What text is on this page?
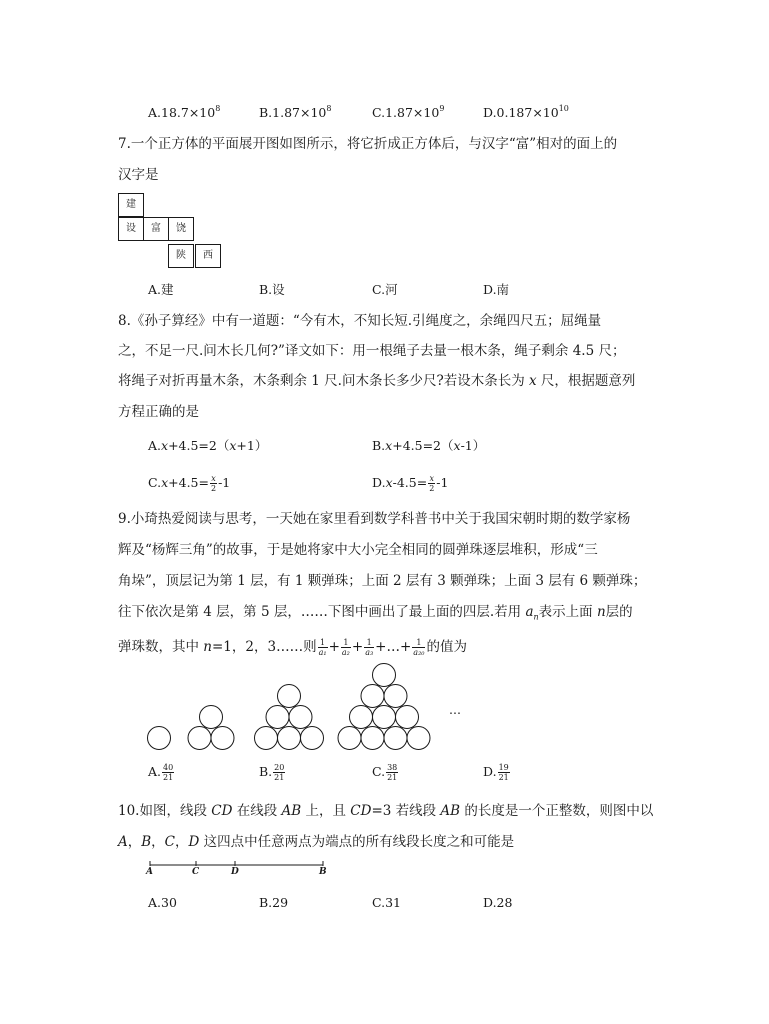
$A.18.7\times 10^8$	$B.1.87\times 10^8$	$C.1.87\times 10^9$	$D.0.187\times 10^{10}$
7.一个正方体的平面展开图如图所示，将它折成正方体后，与汉字“富”相对的面上的
汉字是
建
设	富	饶
陕	西
A.建	B.设	C.河	D.南
8.《孙子算经》中有一道题：“今有木，不知长短.引绳度之，余绳四尺五；屈绳量
之，不足一尺.问木长几何?”译文如下：用一根绳子去量一根木条，绳子剩余 4.5 尺；
将绳子对折再量木条，木条剩余 1 尺.问木条长多少尺?若设木条长为 x 尺，根据题意列
方程正确的是
A.x+4.5=2（x+1）	B.x+4.5=2（x-1）
$C.x+4.5= \frac{x}{2} -1$	$D.x-4.5= \frac{x}{2} -1$
9.小琦热爱阅读与思考，一天她在家里看到数学科普书中关于我国宋朝时期的数学家杨
辉及“杨辉三角”的故事，于是她将家中大小完全相同的圆弹珠逐层堆积，形成“三
角垛”，顶层记为第 1 层，有 1 颗弹珠；上面 2 层有 3 颗弹珠；上面 3 层有 6 颗弹珠；
往下依次是第 4 层，第 5 层，……下图中画出了最上面的四层.若用 $a_n$表示上面 n层的
弹珠数，其中 n=1，2，3……则 $\frac{1}{\text{a₁}} + \frac{1}{\text{a₂}} + \frac{1}{\text{a₃}}$ +…+ $\frac{1}{\text{a₂₀}}$ 的值为
...
A. $\frac{40}{21}$	B. $\frac{20}{21}$	C. $\frac{38}{21}$	D. $\frac{19}{21}$
10.如图，线段 CD 在线段 AB 上，且 CD=3 若线段 AB 的长度是一个正整数，则图中以
A，B，C，D 这四点中任意两点为端点的所有线段长度之和可能是
A	C	D	B
A.30	B.29	C.31	D.28
